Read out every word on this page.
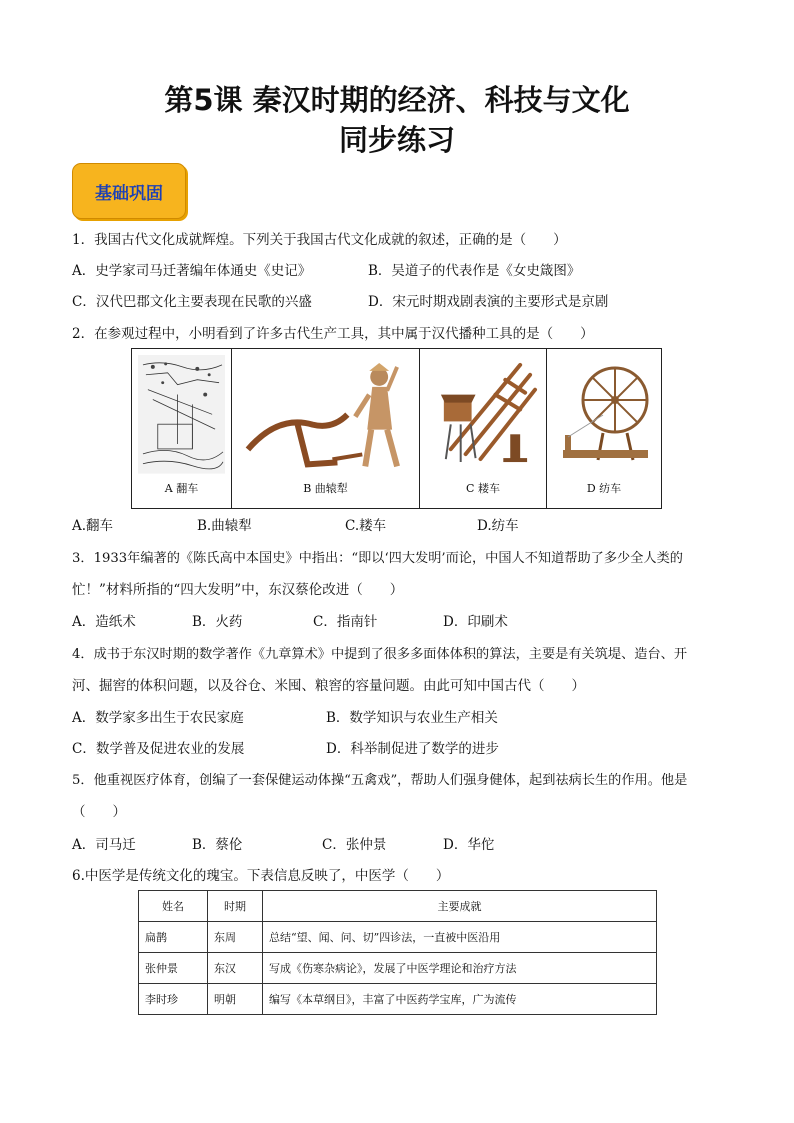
第5课 秦汉时期的经济、科技与文化
同步练习
基础巩固
1．我国古代文化成就辉煌。下列关于我国古代文化成就的叙述，正确的是（　　）
A．史学家司马迁著编年体通史《史记》	B．吴道子的代表作是《女史箴图》
C．汉代巴郡文化主要表现在民歌的兴盛	D．宋元时期戏剧表演的主要形式是京剧
2．在参观过程中，小明看到了许多古代生产工具，其中属于汉代播种工具的是（　　）
A 翻车	B 曲辕犁	C 耧车	D 纺车
A.翻车	B.曲辕犁	C.耧车	D.纺车
3．1933年编著的《陈氏高中本国史》中指出：“即以‘四大发明’而论，中国人不知道帮助了多少全人类的
忙！”材料所指的“四大发明”中，东汉蔡伦改进（　　）
A．造纸术	B．火药	C．指南针	D．印刷术
4．成书于东汉时期的数学著作《九章算术》中提到了很多多面体体积的算法，主要是有关筑堤、造台、开
河、掘窖的体积问题，以及谷仓、米囤、粮窖的容量问题。由此可知中国古代（　　）
A．数学家多出生于农民家庭	B．数学知识与农业生产相关
C．数学普及促进农业的发展	D．科举制促进了数学的进步
5．他重视医疗体育，创编了一套保健运动体操“五禽戏”，帮助人们强身健体，起到祛病长生的作用。他是
（　　）
A．司马迁	B．蔡伦	C．张仲景	D．华佗
6.中医学是传统文化的瑰宝。下表信息反映了，中医学（　　）
姓名	时期	主要成就
扁鹊	东周	总结“望、闻、问、切”四诊法，一直被中医沿用
张仲景	东汉	写成《伤寒杂病论》，发展了中医学理论和治疗方法
李时珍	明朝	编写《本草纲目》，丰富了中医药学宝库，广为流传
